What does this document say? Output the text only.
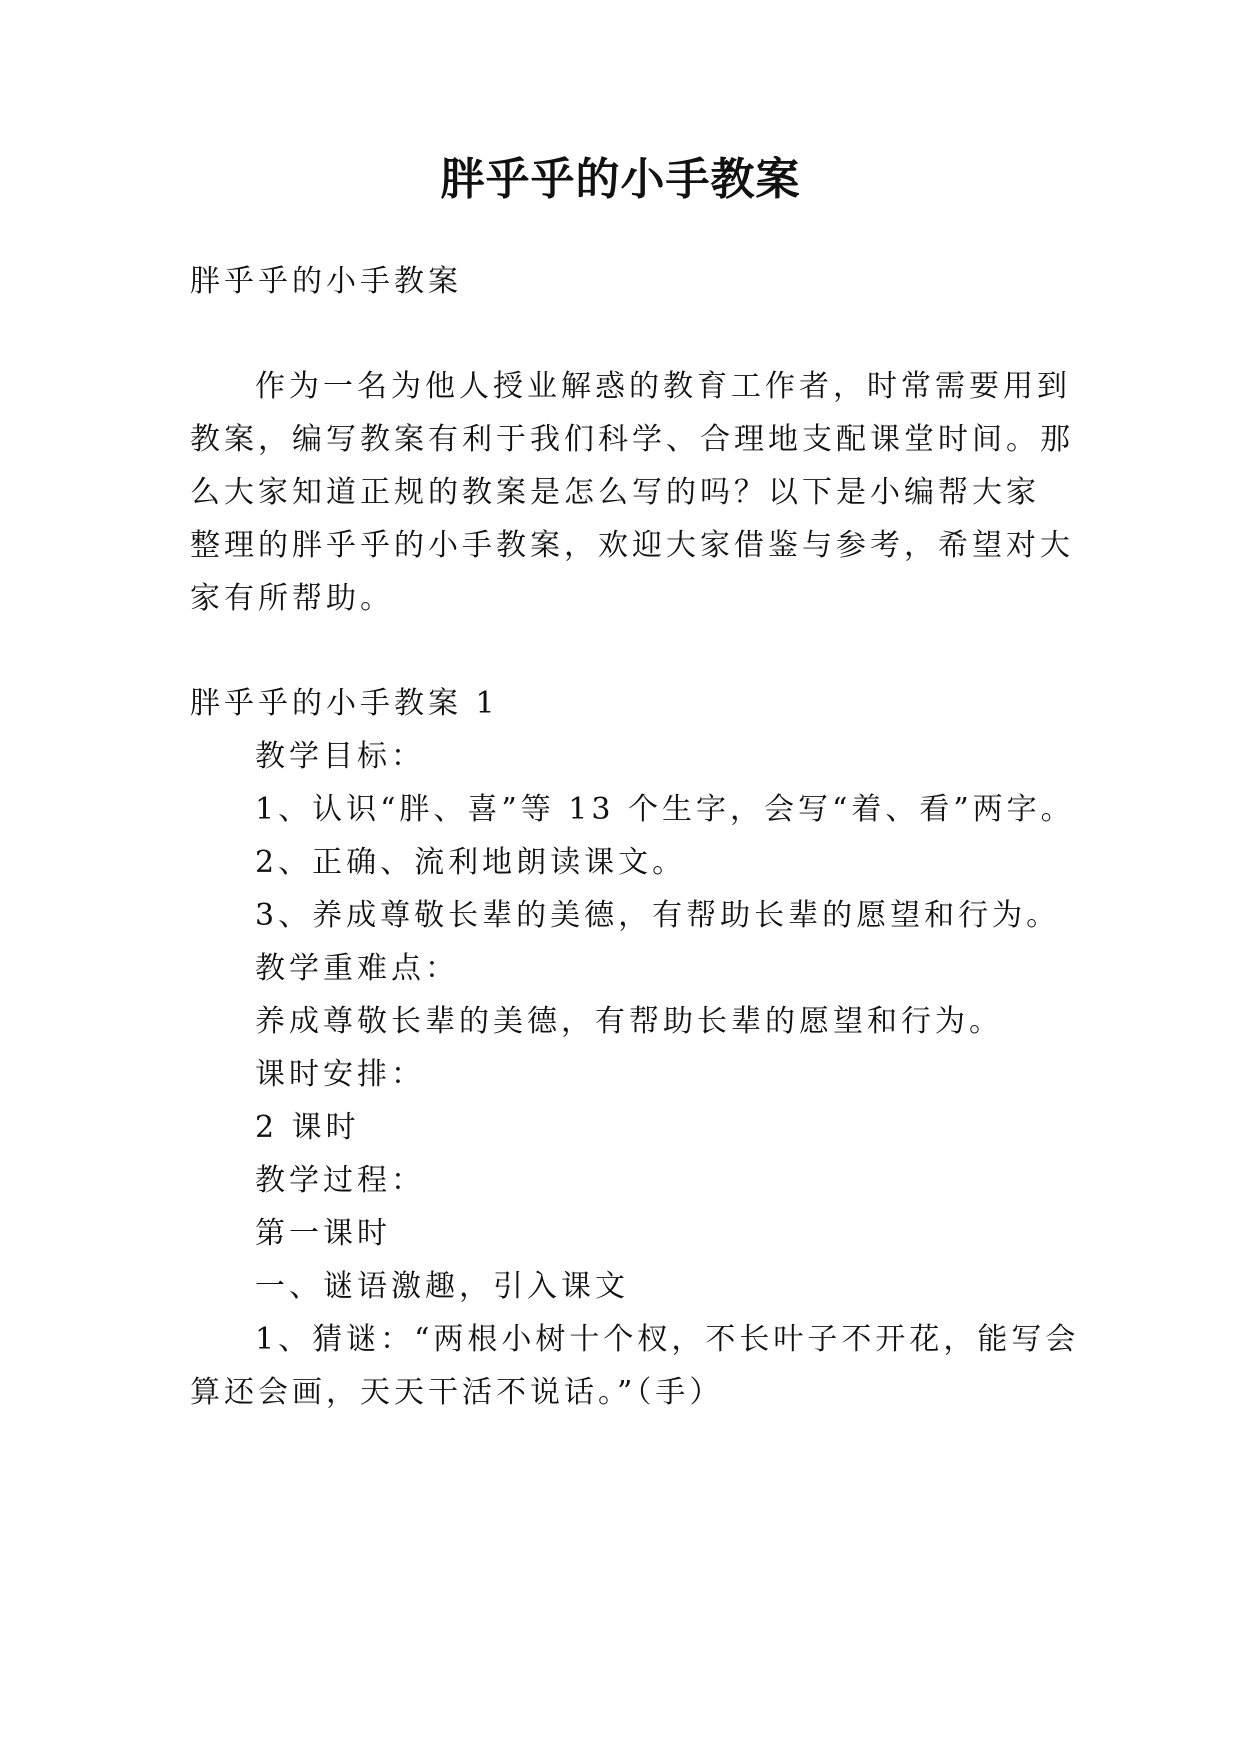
胖乎乎的小手教案
胖乎乎的小手教案
作为一名为他人授业解惑的教育工作者，时常需要用到
教案，编写教案有利于我们科学、合理地支配课堂时间。那
么大家知道正规的教案是怎么写的吗？以下是小编帮大家
整理的胖乎乎的小手教案，欢迎大家借鉴与参考，希望对大
家有所帮助。
胖乎乎的小手教案 1
教学目标：
1、认识“胖、喜”等 13 个生字，会写“着、看”两字。
2、正确、流利地朗读课文。
3、养成尊敬长辈的美德，有帮助长辈的愿望和行为。
教学重难点：
养成尊敬长辈的美德，有帮助长辈的愿望和行为。
课时安排：
2 课时
教学过程：
第一课时
一、谜语激趣，引入课文
1、猜谜：“两根小树十个杈，不长叶子不开花，能写会
算还会画，天天干活不说话。”（手）
